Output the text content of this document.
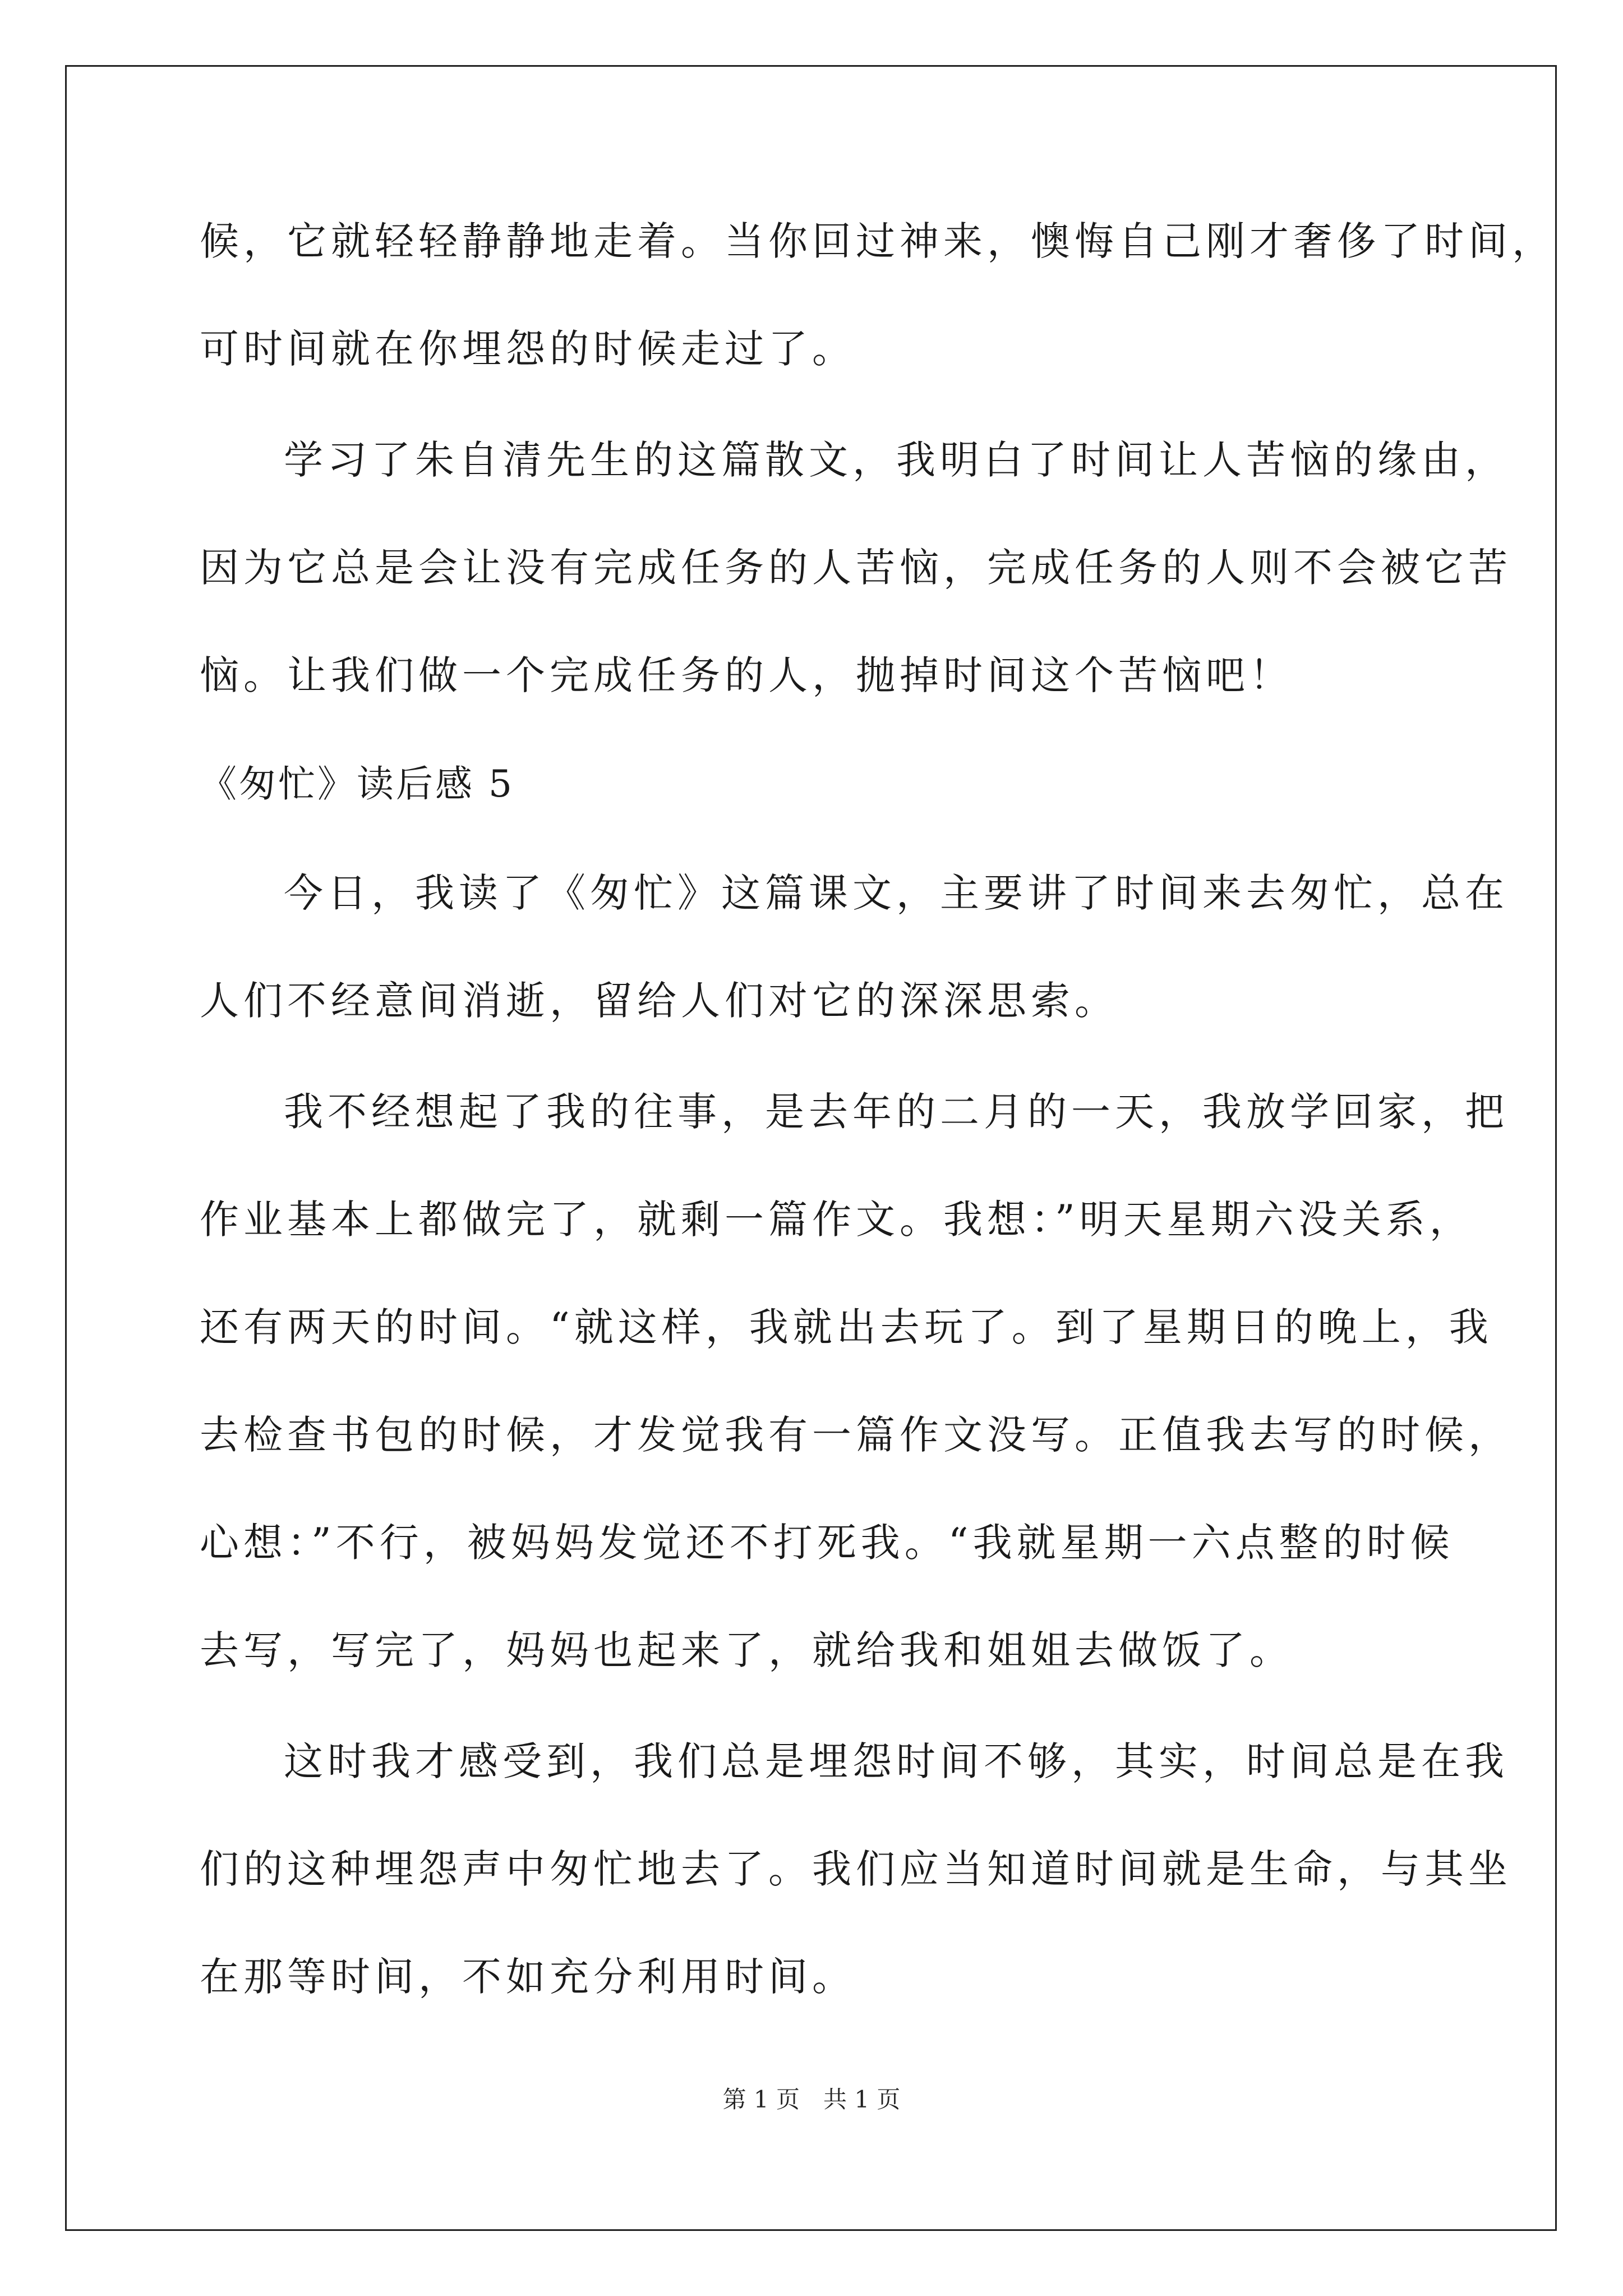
候，它就轻轻静静地走着。当你回过神来，懊悔自己刚才奢侈了时间，
可时间就在你埋怨的时候走过了。
学习了朱自清先生的这篇散文，我明白了时间让人苦恼的缘由，
因为它总是会让没有完成任务的人苦恼，完成任务的人则不会被它苦
恼。让我们做一个完成任务的人，抛掉时间这个苦恼吧！
《匆忙》读后感 5
今日，我读了《匆忙》这篇课文，主要讲了时间来去匆忙，总在
人们不经意间消逝，留给人们对它的深深思索。
我不经想起了我的往事，是去年的二月的一天，我放学回家，把
作业基本上都做完了，就剩一篇作文。我想：”明天星期六没关系，
还有两天的时间。“就这样，我就出去玩了。到了星期日的晚上，我
去检查书包的时候，才发觉我有一篇作文没写。正值我去写的时候，
心想：”不行，被妈妈发觉还不打死我。“我就星期一六点整的时候
去写，写完了，妈妈也起来了，就给我和姐姐去做饭了。
这时我才感受到，我们总是埋怨时间不够，其实，时间总是在我
们的这种埋怨声中匆忙地去了。我们应当知道时间就是生命，与其坐
在那等时间，不如充分利用时间。
第 1 页　共 1 页
